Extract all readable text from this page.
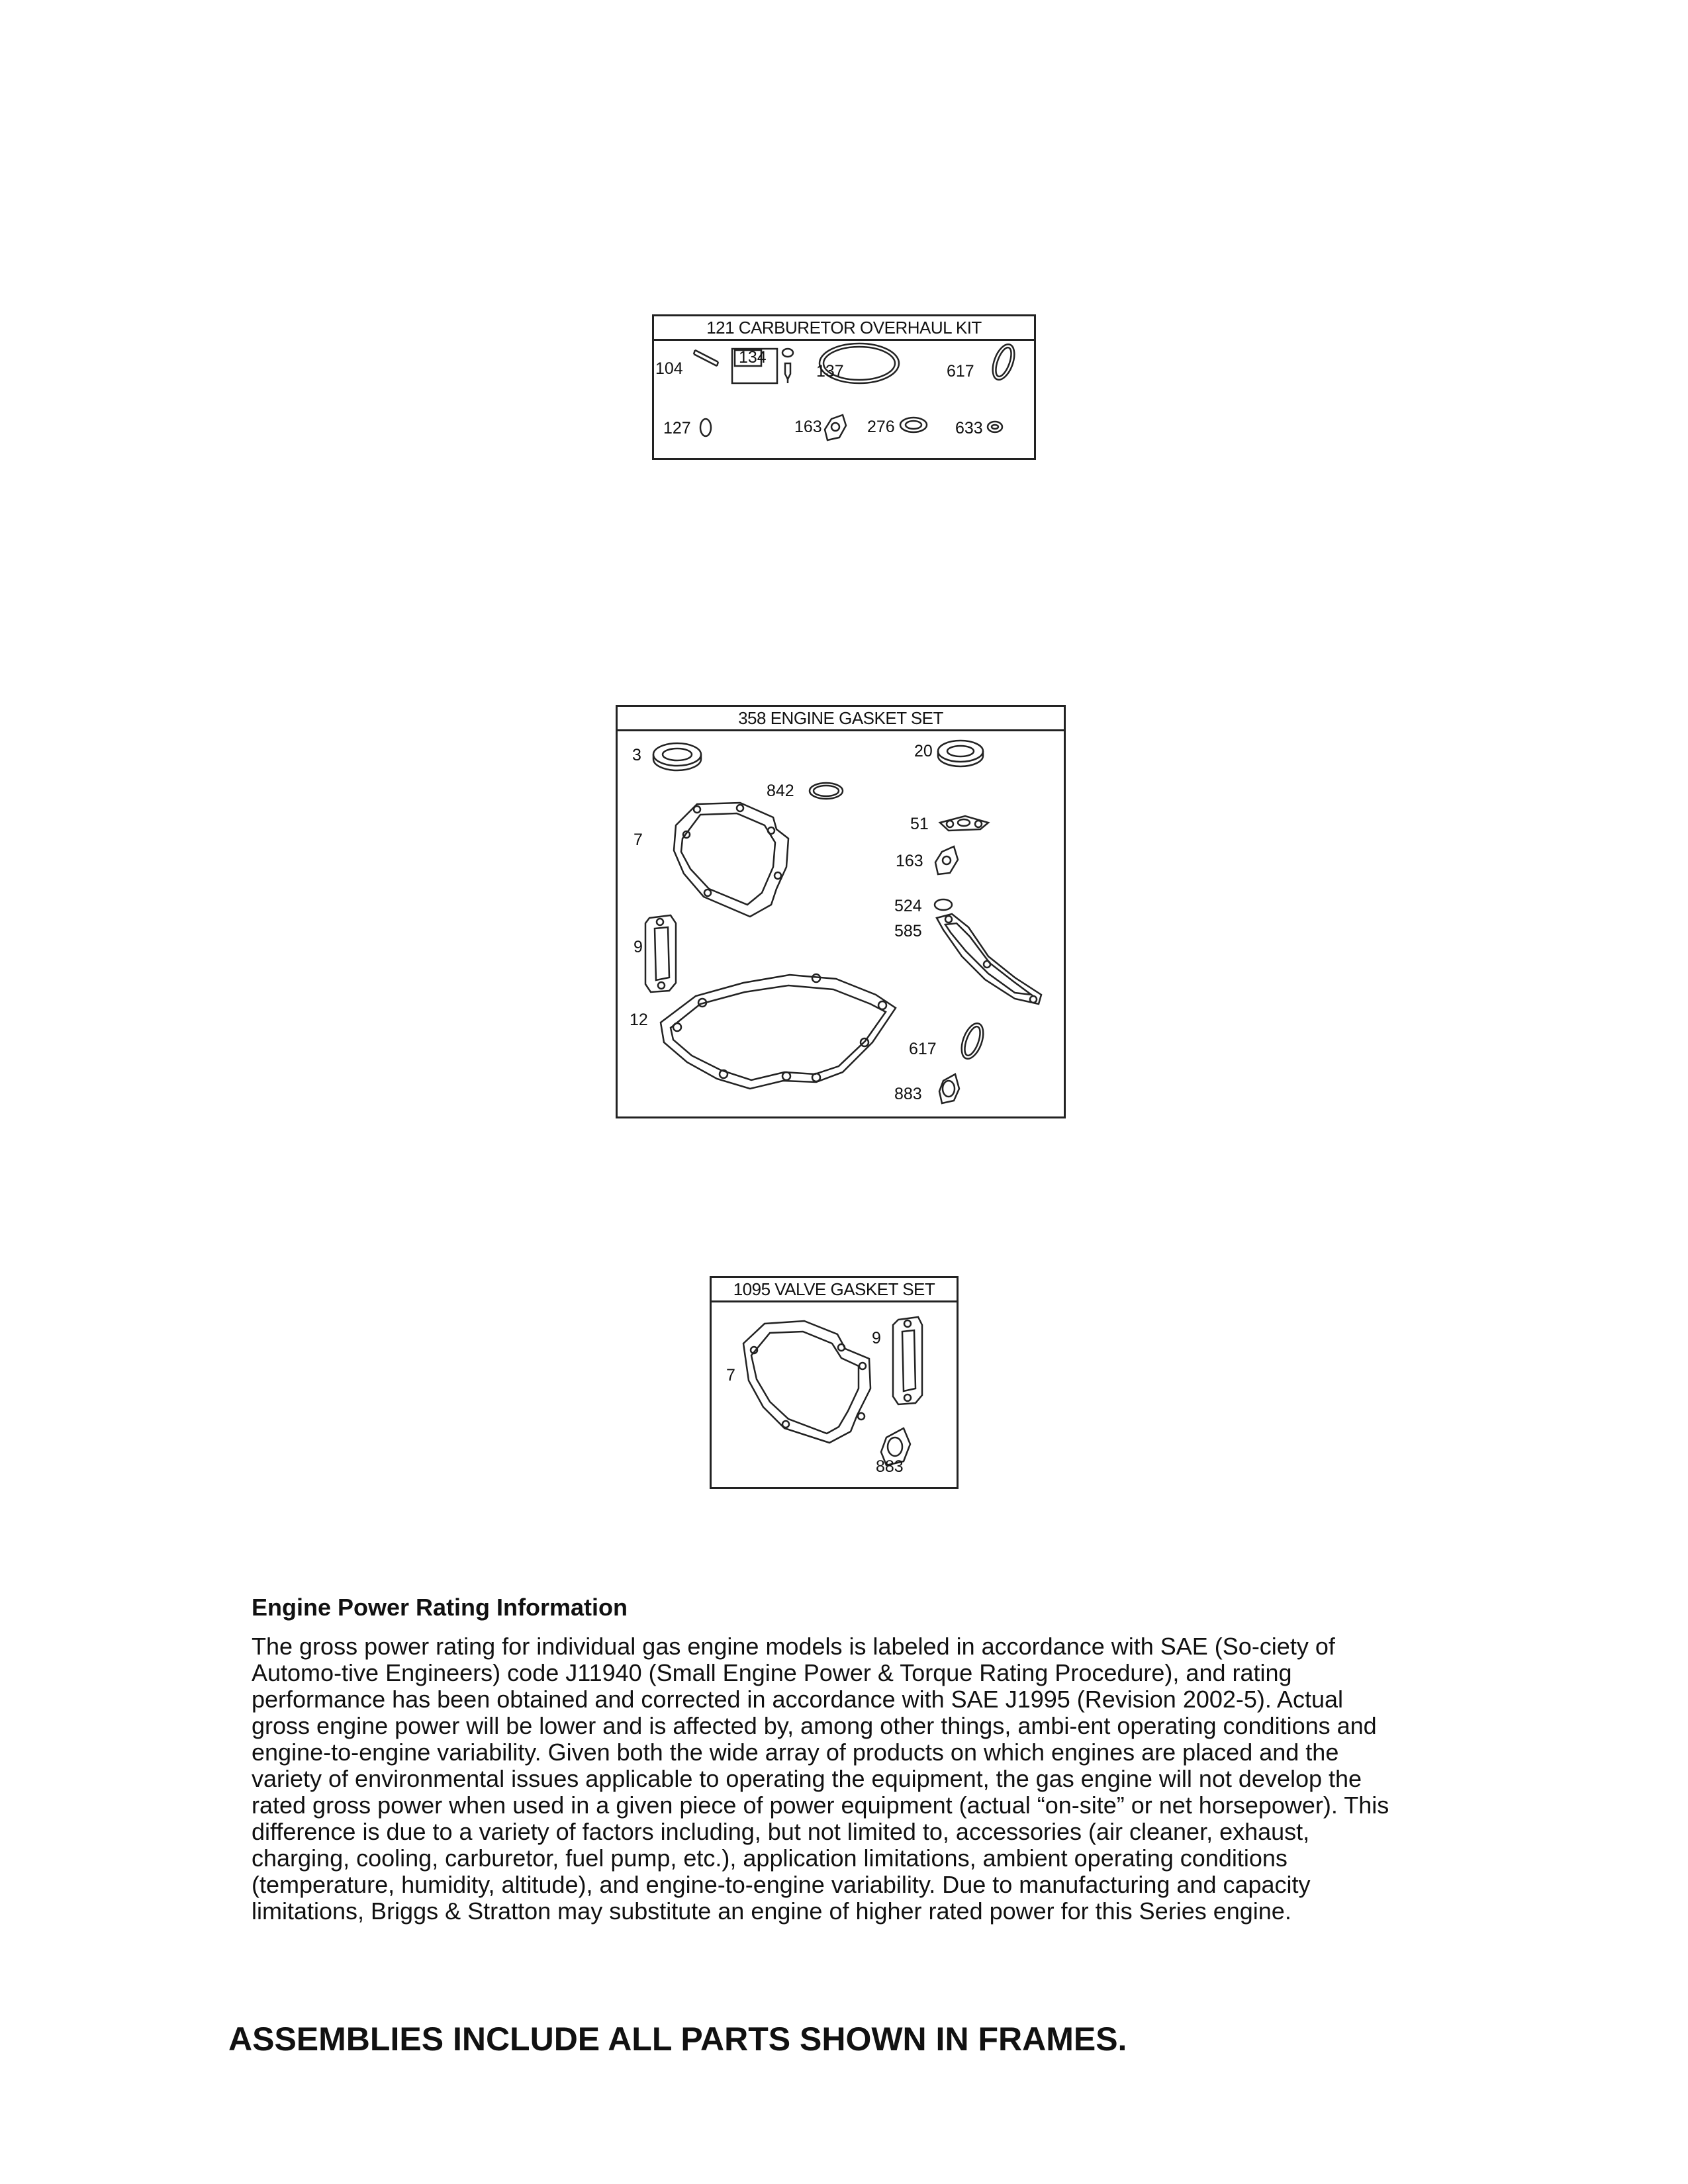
121 CARBURETOR OVERHAUL KIT
104
134
137	617
127	163	276	633
358 ENGINE GASKET SET
3
842
20
51
7
163
524
9
585
12
617
883
1095 VALVE GASKET SET
9
7
883
Engine Power Rating Information
The gross power rating for individual gas engine models is labeled in accordance with SAE (So-ciety of Automo-tive Engineers) code J11940 (Small Engine Power & Torque Rating Procedure), and rating performance has been obtained and corrected in accordance with SAE J1995 (Revision 2002-5). Actual gross engine power will be lower and is affected by, among other things, ambi-ent operating conditions and engine-to-engine variability. Given both the wide array of products on which engines are placed and the variety of environmental issues applicable to operating the equipment, the gas engine will not develop the rated gross power when used in a given piece of power equipment (actual “on-site” or net horsepower). This difference is due to a variety of factors including, but not limited to, accessories (air cleaner, exhaust, charging, cooling, carburetor, fuel pump, etc.), application limitations, ambient operating conditions (temperature, humidity, altitude), and engine-to-engine variability. Due to manufacturing and capacity limitations, Briggs & Stratton may substitute an engine of higher rated power for this Series engine.
ASSEMBLIES INCLUDE ALL PARTS SHOWN IN FRAMES.
